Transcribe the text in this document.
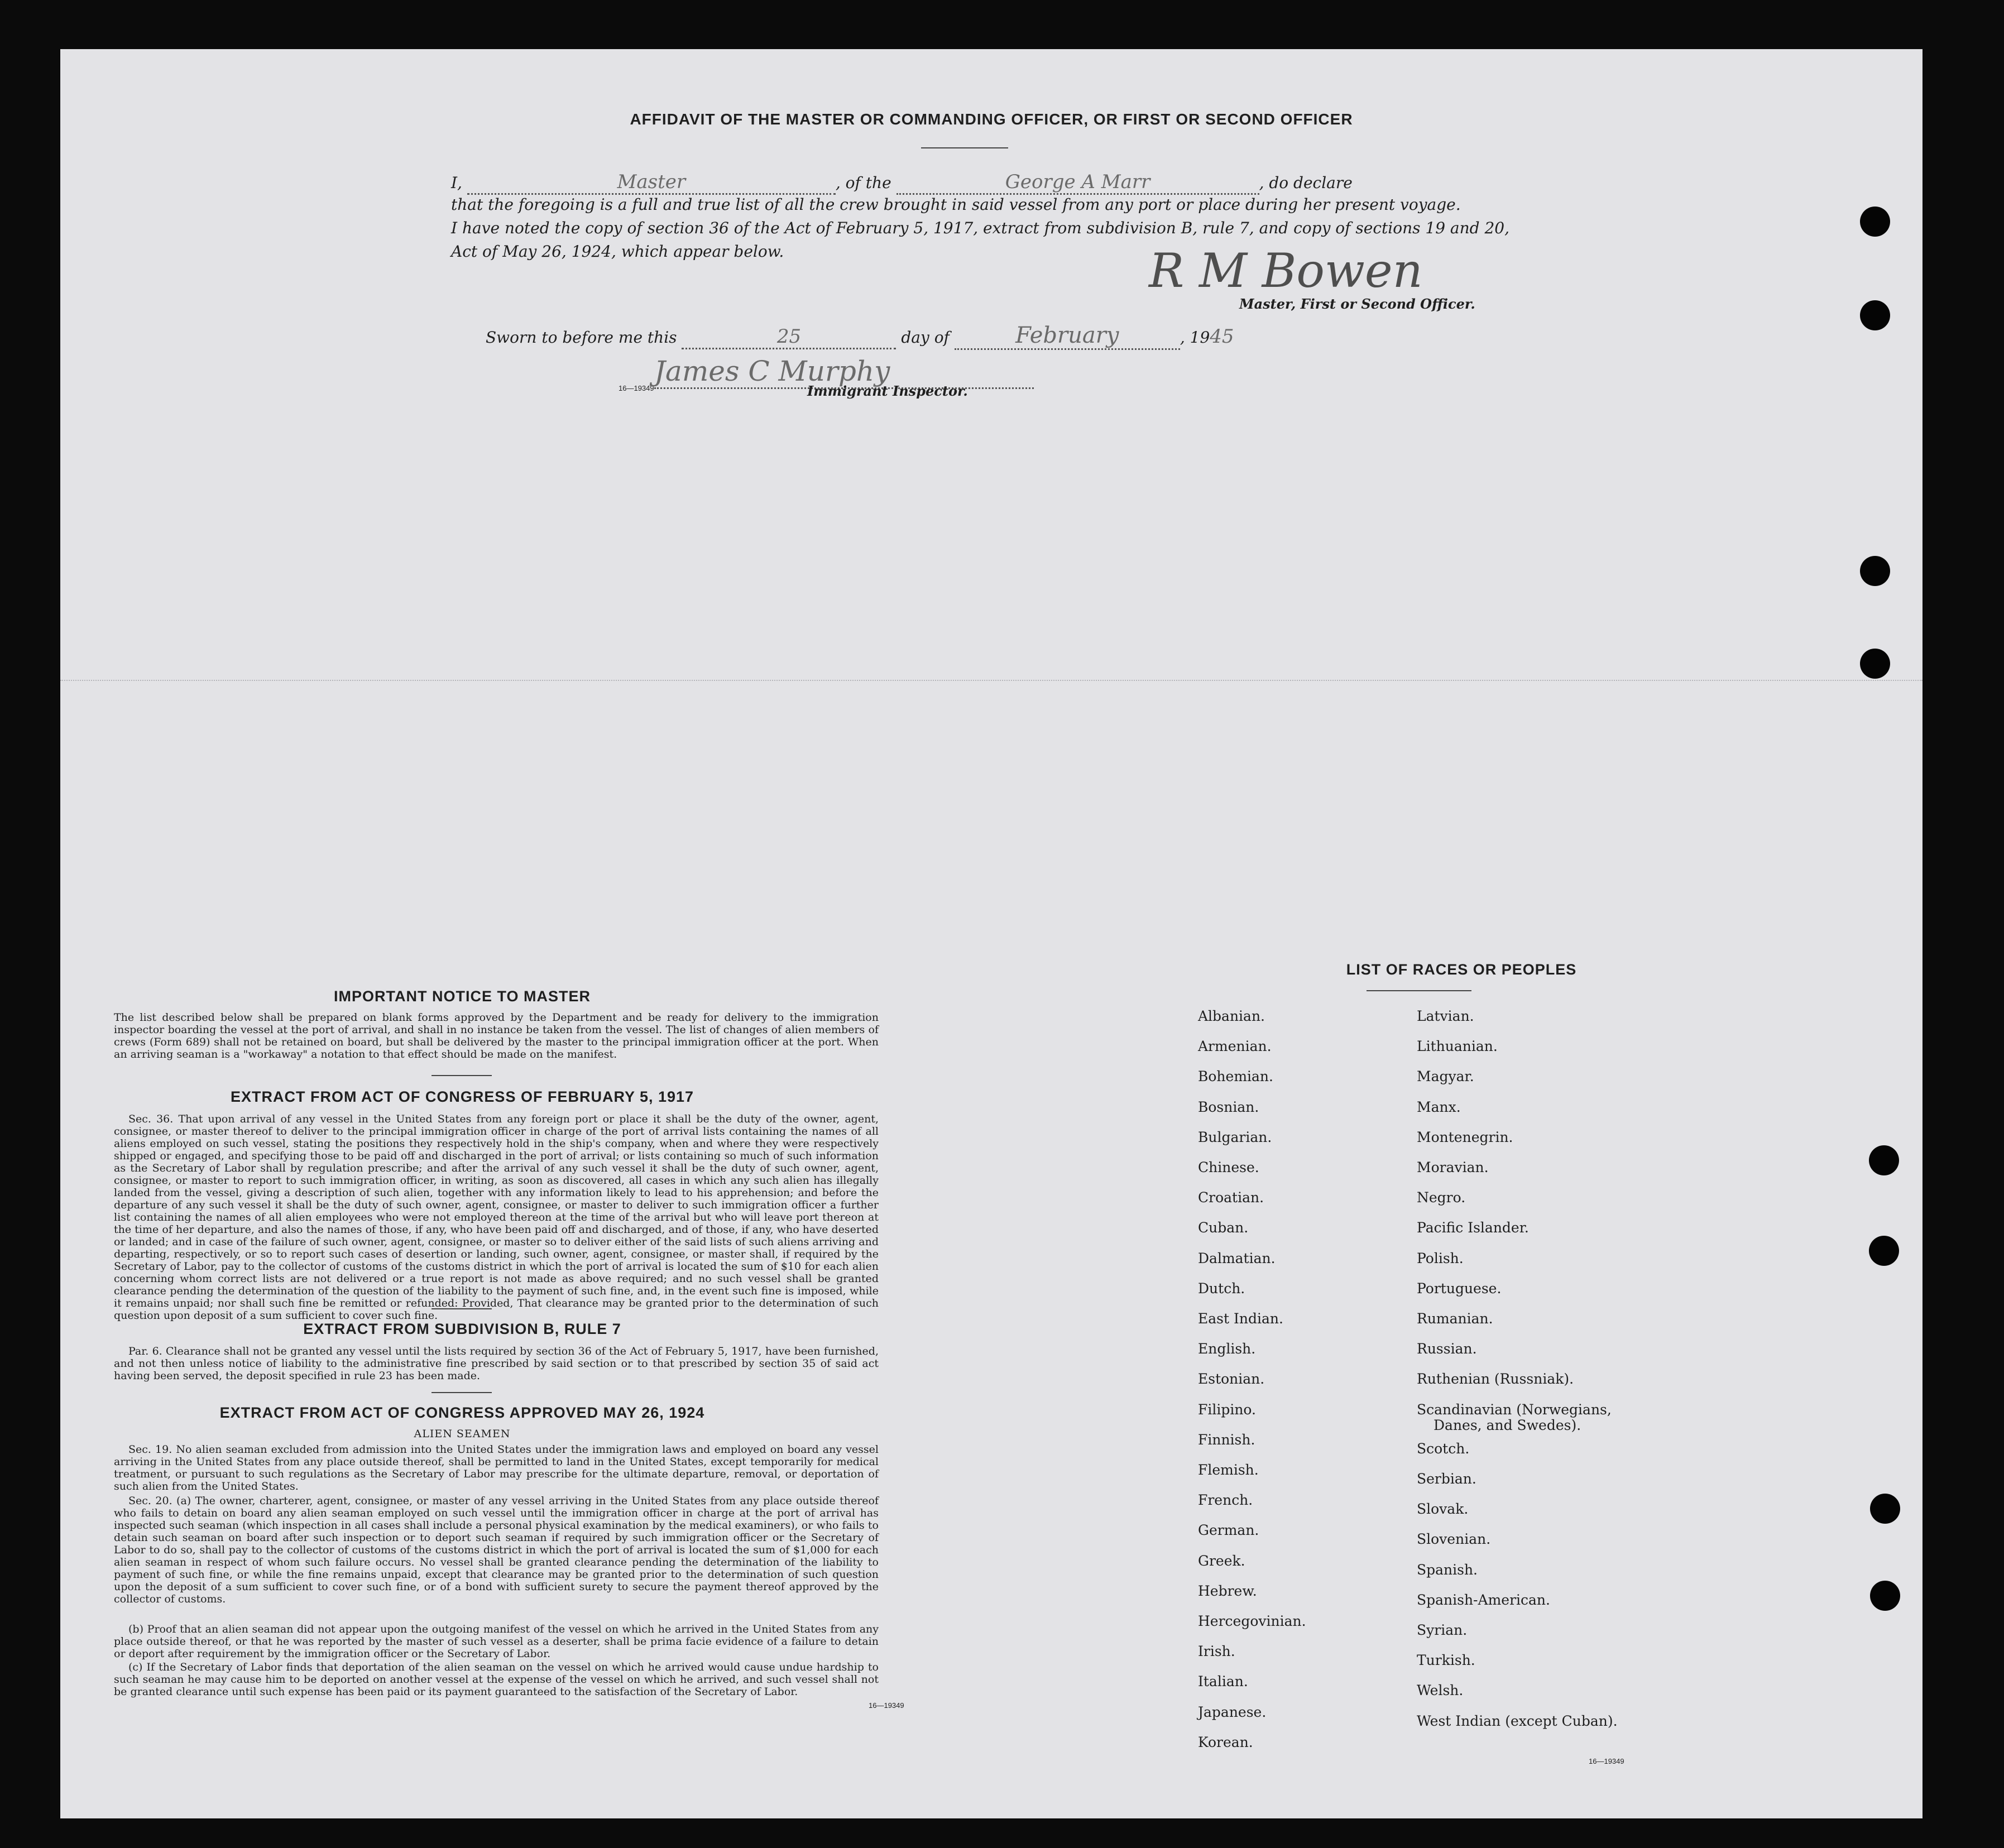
AFFIDAVIT OF THE MASTER OR COMMANDING OFFICER, OR FIRST OR SECOND OFFICER
I,	Master	, of the	George A Marr	, do declare
that the foregoing is a full and true list of all the crew brought in said vessel from any port or place during her present voyage.
I have noted the copy of section 36 of the Act of February 5, 1917, extract from subdivision B, rule 7, and copy of sections 19 and 20,
Act of May 26, 1924, which appear below.	R M Bowen
Master, First or Second Officer.
Sworn to before me this	25	day of	February	, 1945
16—19349
James C Murphy
Immigrant Inspector.
IMPORTANT NOTICE TO MASTER
The list described below shall be prepared on blank forms approved by the Department and be ready for delivery to the immigration inspector boarding the vessel at the port of arrival, and shall in no instance be taken from the vessel. The list of changes of alien members of crews (Form 689) shall not be retained on board, but shall be delivered by the master to the principal immigration officer at the port. When an arriving seaman is a "workaway" a notation to that effect should be made on the manifest.
EXTRACT FROM ACT OF CONGRESS OF FEBRUARY 5, 1917
Sec. 36. That upon arrival of any vessel in the United States from any foreign port or place it shall be the duty of the owner, agent, consignee, or master thereof to deliver to the principal immigration officer in charge of the port of arrival lists containing the names of all aliens employed on such vessel, stating the positions they respectively hold in the ship's company, when and where they were respectively shipped or engaged, and specifying those to be paid off and discharged in the port of arrival; or lists containing so much of such information as the Secretary of Labor shall by regulation prescribe; and after the arrival of any such vessel it shall be the duty of such owner, agent, consignee, or master to report to such immigration officer, in writing, as soon as discovered, all cases in which any such alien has illegally landed from the vessel, giving a description of such alien, together with any information likely to lead to his apprehension; and before the departure of any such vessel it shall be the duty of such owner, agent, consignee, or master to deliver to such immigration officer a further list containing the names of all alien employees who were not employed thereon at the time of the arrival but who will leave port thereon at the time of her departure, and also the names of those, if any, who have been paid off and discharged, and of those, if any, who have deserted or landed; and in case of the failure of such owner, agent, consignee, or master so to deliver either of the said lists of such aliens arriving and departing, respectively, or so to report such cases of desertion or landing, such owner, agent, consignee, or master shall, if required by the Secretary of Labor, pay to the collector of customs of the customs district in which the port of arrival is located the sum of $10 for each alien concerning whom correct lists are not delivered or a true report is not made as above required; and no such vessel shall be granted clearance pending the determination of the question of the liability to the payment of such fine, and, in the event such fine is imposed, while it remains unpaid; nor shall such fine be remitted or refunded: Provided, That clearance may be granted prior to the determination of such question upon deposit of a sum sufficient to cover such fine.
EXTRACT FROM SUBDIVISION B, RULE 7
Par. 6. Clearance shall not be granted any vessel until the lists required by section 36 of the Act of February 5, 1917, have been furnished, and not then unless notice of liability to the administrative fine prescribed by said section or to that prescribed by section 35 of said act having been served, the deposit specified in rule 23 has been made.
EXTRACT FROM ACT OF CONGRESS APPROVED MAY 26, 1924
ALIEN SEAMEN
Sec. 19. No alien seaman excluded from admission into the United States under the immigration laws and employed on board any vessel arriving in the United States from any place outside thereof, shall be permitted to land in the United States, except temporarily for medical treatment, or pursuant to such regulations as the Secretary of Labor may prescribe for the ultimate departure, removal, or deportation of such alien from the United States.
Sec. 20. (a) The owner, charterer, agent, consignee, or master of any vessel arriving in the United States from any place outside thereof who fails to detain on board any alien seaman employed on such vessel until the immigration officer in charge at the port of arrival has inspected such seaman (which inspection in all cases shall include a personal physical examination by the medical examiners), or who fails to detain such seaman on board after such inspection or to deport such seaman if required by such immigration officer or the Secretary of Labor to do so, shall pay to the collector of customs of the customs district in which the port of arrival is located the sum of $1,000 for each alien seaman in respect of whom such failure occurs. No vessel shall be granted clearance pending the determination of the liability to payment of such fine, or while the fine remains unpaid, except that clearance may be granted prior to the determination of such question upon the deposit of a sum sufficient to cover such fine, or of a bond with sufficient surety to secure the payment thereof approved by the collector of customs.
(b) Proof that an alien seaman did not appear upon the outgoing manifest of the vessel on which he arrived in the United States from any place outside thereof, or that he was reported by the master of such vessel as a deserter, shall be prima facie evidence of a failure to detain or deport after requirement by the immigration officer or the Secretary of Labor.
(c) If the Secretary of Labor finds that deportation of the alien seaman on the vessel on which he arrived would cause undue hardship to such seaman he may cause him to be deported on another vessel at the expense of the vessel on which he arrived, and such vessel shall not be granted clearance until such expense has been paid or its payment guaranteed to the satisfaction of the Secretary of Labor.
16—19349
LIST OF RACES OR PEOPLES
Albanian.
Armenian.
Bohemian.
Bosnian.
Bulgarian.
Chinese.
Croatian.
Cuban.
Dalmatian.
Dutch.
East Indian.
English.
Estonian.
Filipino.
Finnish.
Flemish.
French.
German.
Greek.
Hebrew.
Hercegovinian.
Irish.
Italian.
Japanese.
Korean.
Latvian.
Lithuanian.
Magyar.
Manx.
Montenegrin.
Moravian.
Negro.
Pacific Islander.
Polish.
Portuguese.
Rumanian.
Russian.
Ruthenian (Russniak).
Scandinavian (Norwegians,
Danes, and Swedes).
Scotch.
Serbian.
Slovak.
Slovenian.
Spanish.
Spanish-American.
Syrian.
Turkish.
Welsh.
West Indian (except Cuban).
16—19349
